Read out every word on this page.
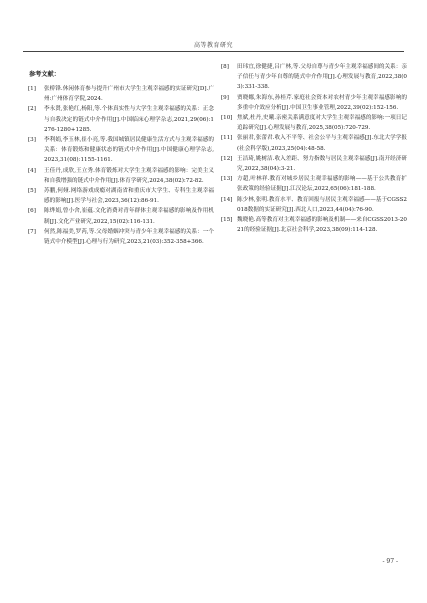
高等教育研究
参考文献：
[1]	张桥锋.休闲体育参与提升广州市大学生主观幸福感的实证研究[D].广州:广州体育学院,2024.
[2]	李永贤,张艳红,杨阳,等.个体真实性与大学生主观幸福感的关系：正念与自我决定的链式中介作用[J].中国临床心理学杂志,2021,29(06):1276-1280+1285.
[3]	李利娟,李玉林,崔小亮,等.我国城镇居民健康生活方式与主观幸福感的关系：体育锻炼和健康状态的链式中介作用[J].中国健康心理学杂志,2023,31(08):1155-1161.
[4]	王佳丹,成欣,王立秀.体育锻炼对大学生主观幸福感的影响：完美主义和自我增强的链式中介作用[J].体育学研究,2024,38(02):72-82.
[5]	苏鹏,何娅.网络游戏成瘾对湖南省和重庆市大学生、专科生主观幸福感的影响[J].医学与社会,2023,36(12):86-91.
[6]	陈烨娟,曾小舍,崔蕴.文化消费对青年群体主观幸福感的影响及作用机制[J].文化产业研究,2022,15(02):116-131.
[7]	何然,陈福美,罗芮,等.父母婚姻冲突与青少年主观幸福感的关系：一个链式中介模型[J].心理与行为研究,2023,21(03):352-358+366.
[8]	田玮宜,徐健捷,吕广林,等.父母自尊与青少年主观幸福感间的关系：亲子信任与青少年自尊的链式中介作用[J].心理发展与教育,2022,38(03):331-338.
[9]	贾晓娜,朱海东,孙桂芹.家庭社会资本对农村青少年主观幸福感影响的多重中介效应分析[J].中国卫生事业管理,2022,39(02):152-156.
[10] 焦斌,杜丹,史曦.亲密关系满意度对大学生主观幸福感的影响:一项日记追踪研究[J].心理发展与教育,2025,38(05):720-729.
[11] 张丽君,张蕾君.收入不平等、社会公平与主观幸福感[J].东北大学学报(社会科学版),2023,25(04):48-58.
[12] 王洁琦,姚树洁.收入差距、努力指数与居民主观幸福感[J].南开经济研究,2022,38(04):3-21.
[13] 方超,叶林祥.教育对城乡居民主观幸福感的影响——基于公共教育扩张政策的经验证据[J].江汉论坛,2022,65(06):181-188.
[14] 陈少林,张明.教育水平、教育回报与居民主观幸福感——基于CGSS2018数据的实证研究[J].西北人口,2023,44(04):76-90.
[15] 魏晓艳.高等教育对主观幸福感的影响及机制——来自CGSS2013-2021的经验证据[J].北京社会科学,2023,38(09):114-128.
- 97 -
